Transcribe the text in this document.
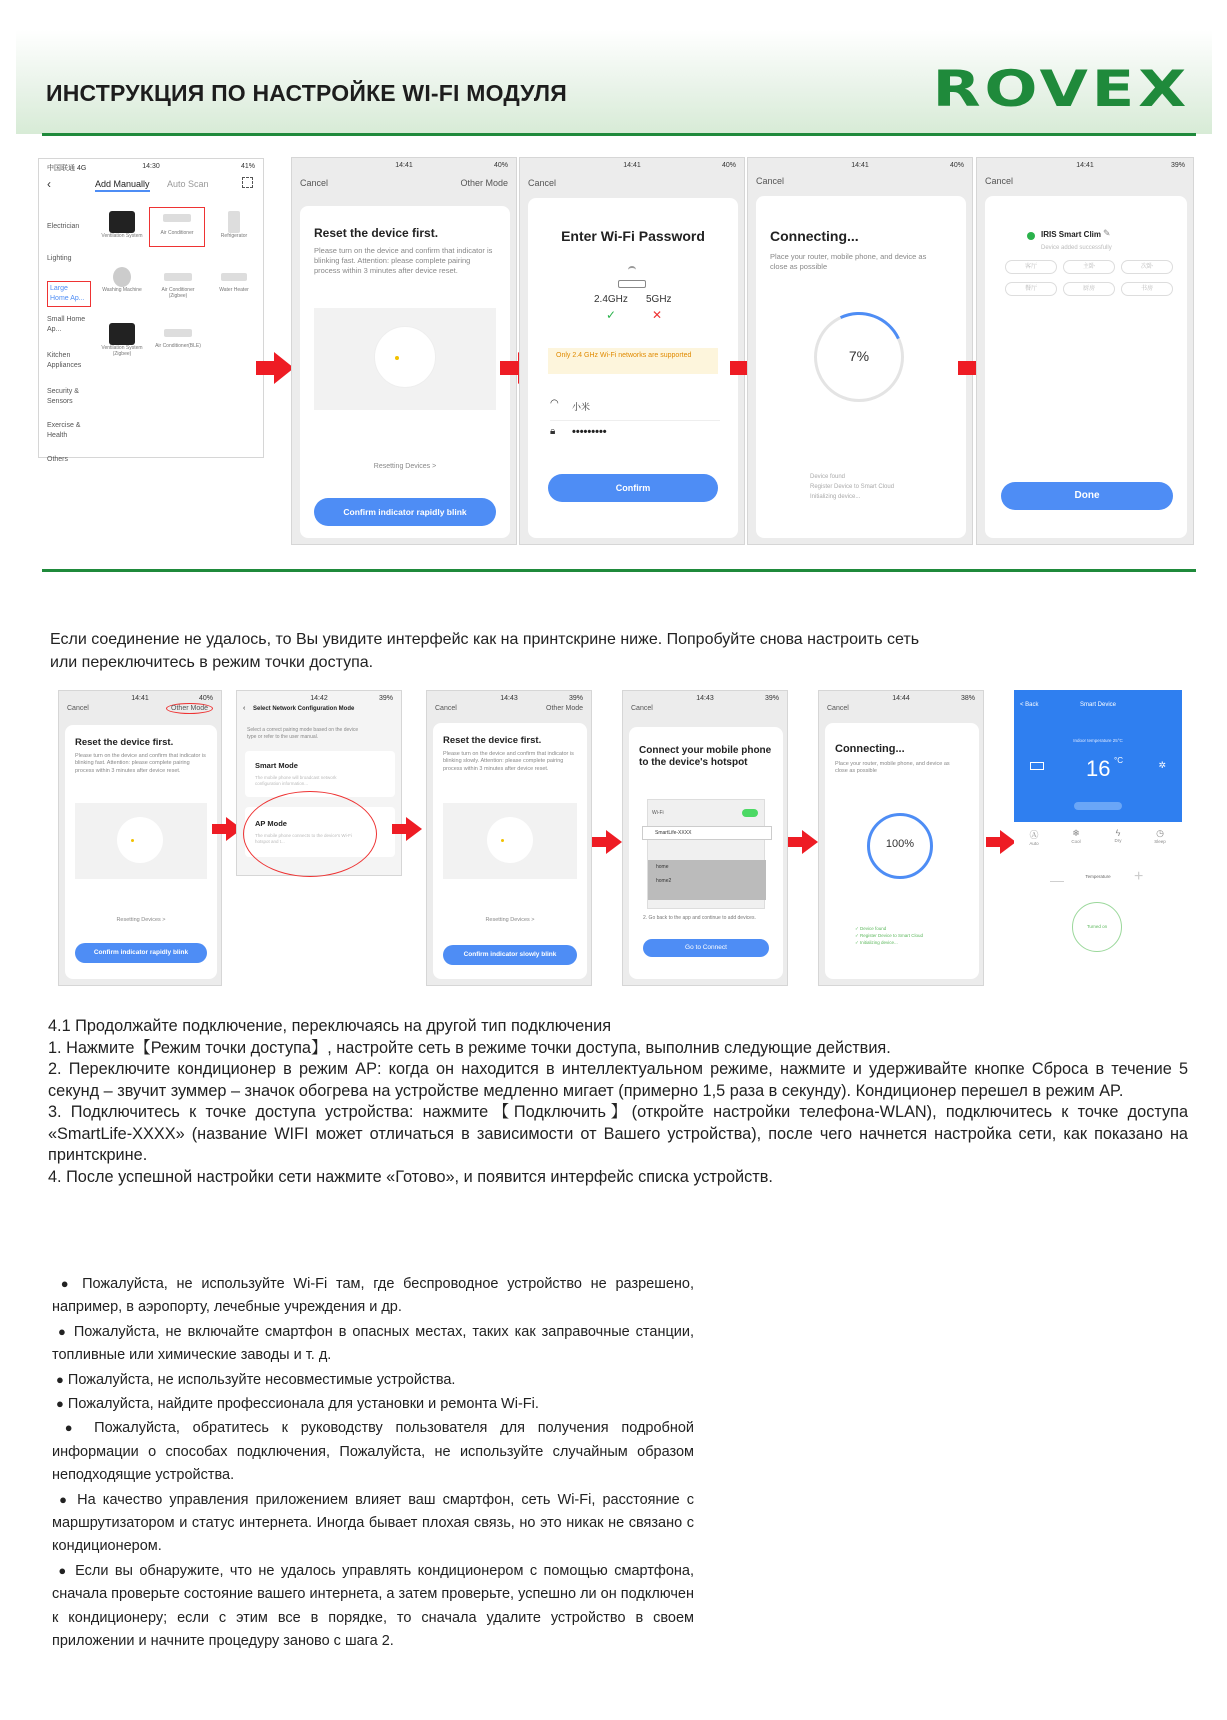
ИНСТРУКЦИЯ ПО НАСТРОЙКЕ WI-FI МОДУЛЯ	ROVEX
中国联通 4G	14:30	41%
‹	Add Manually Auto Scan
Electrician
Lighting
Large Home Ap...
Small Home Ap...
Kitchen Appliances
Security & Sensors
Exercise & Health
Others
Ventilation System	Air Conditioner	Refrigerator
Washing Machine	Air Conditioner (Zigbee)
Water Heater
Ventilation System (Zigbee)
Air Conditioner(BLE)
14:41	40%
Cancel	Other Mode
Reset the device first.
Please turn on the device and confirm that indicator is blinking fast. Attention: please complete pairing process within 3 minutes after device reset.
Resetting Devices >
Confirm indicator rapidly blink
14:41	40%
Cancel
Enter Wi-Fi Password
2.4GHz 5GHz
✓	✕
Only 2.4 GHz Wi-Fi networks are supported
◠ 小米
🔒︎ •••••••••
Confirm
14:41	40%
Cancel
Connecting...
Place your router, mobile phone, and device as close as possible
7%
Device found
Register Device to Smart Cloud
Initializing device...
14:41	39%
Cancel
IRIS Smart Clim ✎
Device added successfully
客厅	主卧	次卧
餐厅	厨房	书房
Done
Если соединение не удалось, то Вы увидите интерфейс как на принтскрине ниже. Попробуйте снова настроить сеть
или переключитесь в режим точки доступа.
14:41	40%
Cancel	Other Mode
Reset the device first.
Please turn on the device and confirm that indicator is blinking fast. Attention: please complete pairing process within 3 minutes after device reset.
Resetting Devices >
Confirm indicator rapidly blink
14:42	39%
‹ Select Network Configuration Mode
Select a correct pairing mode based on the device type or refer to the user manual.
Smart Mode
The mobile phone will broadcast network configuration information...
AP Mode
The mobile phone connects to the device's Wi-Fi hotspot and t...
14:43	39%
Cancel	Other Mode
Reset the device first.
Please turn on the device and confirm that indicator is blinking slowly. Attention: please complete pairing process within 3 minutes after device reset.
Resetting Devices >
Confirm indicator slowly blink
14:43	39%
Cancel
Connect your mobile phone to the device's hotspot
Wi-Fi
SmartLife-XXXX
home
home2
2. Go back to the app and continue to add devices.
Go to Connect
14:44	38%
Cancel
Connecting...
Place your router, mobile phone, and device as close as possible
100%
✓ Device found
✓ Register Device to Smart Cloud
✓ Initializing device...
< Back	Smart Device
Indoor temperature 25°C
16 °C	✲
Ⓐ
Auto
❄
Cool
ϟ
Dry
◷
Sleep
—	Temperature	+
Turned on

4.1 Продолжайте подключение, переключаясь на другой тип подключения

1. Нажмите【Режим точки доступа】, настройте сеть в режиме точки доступа, выполнив следующие действия.

2. Переключите кондиционер в режим AP: когда он находится в интеллектуальном режиме, нажмите и удерживайте кнопке Сброса в течение 5 секунд – звучит зуммер – значок обогрева на устройстве медленно мигает (примерно 1,5 раза в секунду). Кондиционер перешел в режим AP.

3. Подключитесь к точке доступа устройства: нажмите【Подключить】(откройте настройки телефона-WLAN), подключитесь к точке доступа «SmartLife-XXXX» (название WIFI может отличаться в зависимости от Вашего устройства), после чего начнется настройка сети, как показано на принтскрине.

4. После успешной настройки сети нажмите «Готово», и появится интерфейс списка устройств.

● Пожалуйста, не используйте Wi-Fi там, где беспроводное устройство не разрешено, например, в аэропорту, лечебные учреждения и др.

● Пожалуйста, не включайте смартфон в опасных местах, таких как заправочные станции, топливные или химические заводы и т. д.

● Пожалуйста, не используйте несовместимые устройства.

● Пожалуйста, найдите профессионала для установки и ремонта Wi-Fi.

● Пожалуйста, обратитесь к руководству пользователя для получения подробной информации о способах подключения, Пожалуйста, не используйте случайным образом неподходящие устройства.

● На качество управления приложением влияет ваш смартфон, сеть Wi-Fi, расстояние с маршрутизатором и статус интернета. Иногда бывает плохая связь, но это никак не связано с кондиционером.

● Если вы обнаружите, что не удалось управлять кондиционером с помощью смартфона, сначала проверьте состояние вашего интернета, а затем проверьте, успешно ли он подключен к кондиционеру; если с этим все в порядке, то сначала удалите устройство в своем приложении и начните процедуру заново с шага 2.
